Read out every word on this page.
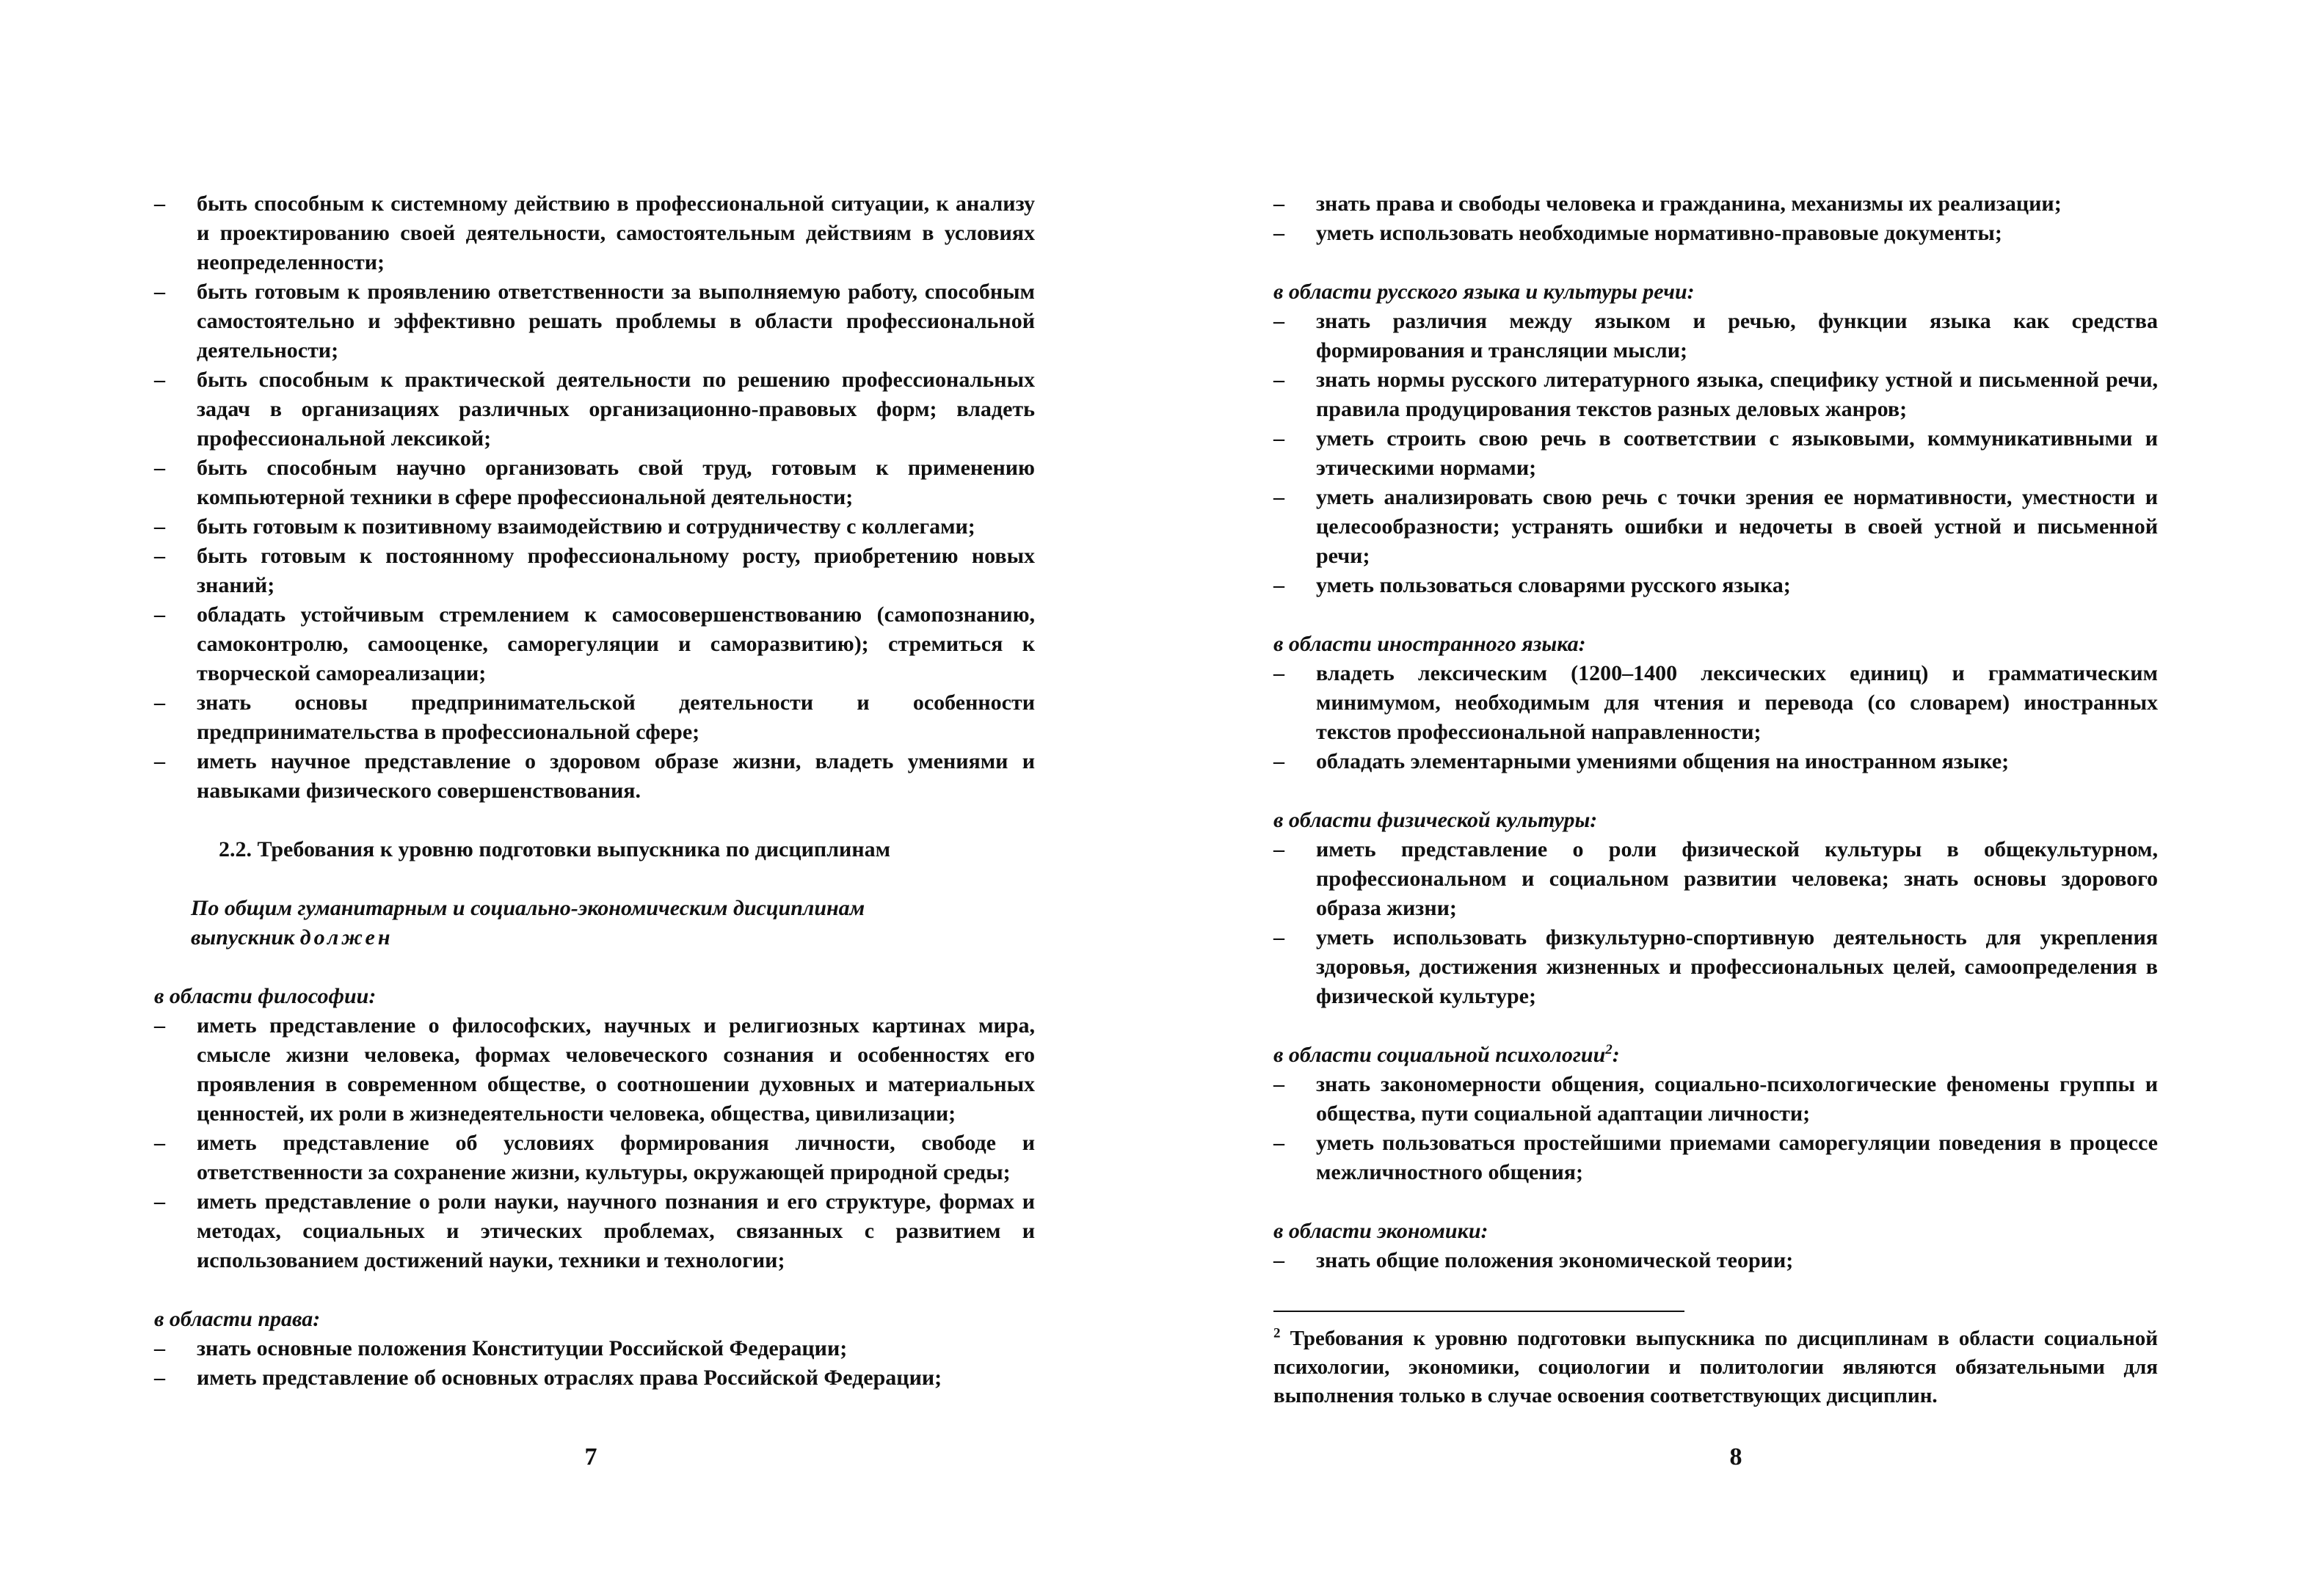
– быть способным к системному действию в профессиональной ситуации, к анализу и проектированию своей деятельности, самостоятельным действиям в условиях неопределенности;

– быть готовым к проявлению ответственности за выполняемую работу, способным самостоятельно и эффективно решать проблемы в области профессиональной деятельности;

– быть способным к практической деятельности по решению профессиональных задач в организациях различных организационно-правовых форм; владеть профессиональной лексикой;

– быть способным научно организовать свой труд, готовым к применению компьютерной техники в сфере профессиональной деятельности;

– быть готовым к позитивному взаимодействию и сотрудничеству с коллегами;

– быть готовым к постоянному профессиональному росту, приобретению новых знаний;

– обладать устойчивым стремлением к самосовершенствованию (самопознанию, самоконтролю, самооценке, саморегуляции и саморазвитию); стремиться к творческой самореализации;

– знать основы предпринимательской деятельности и особенности предпринимательства в профессиональной сфере;

– иметь научное представление о здоровом образе жизни, владеть умениями и навыками физического совершенствования.

2.2. Требования к уровню подготовки выпускника по дисциплинам

По общим гуманитарным и социально-экономическим дисциплинам

выпускник должен

в области философии:

– иметь представление о философских, научных и религиозных картинах мира, смысле жизни человека, формах человеческого сознания и особенностях его проявления в современном обществе, о соотношении духовных и материальных ценностей, их роли в жизнедеятельности человека, общества, цивилизации;

– иметь представление об условиях формирования личности, свободе и ответственности за сохранение жизни, культуры, окружающей природной среды;

– иметь представление о роли науки, научного познания и его структуре, формах и методах, социальных и этических проблемах, связанных с развитием и использованием достижений науки, техники и технологии;

в области права:

– знать основные положения Конституции Российской Федерации;

– иметь представление об основных отраслях права Российской Федерации;

7

– знать права и свободы человека и гражданина, механизмы их реализации;

– уметь использовать необходимые нормативно-правовые документы;

в области русского языка и культуры речи:

– знать различия между языком и речью, функции языка как средства формирования и трансляции мысли;

– знать нормы русского литературного языка, специфику устной и письменной речи, правила продуцирования текстов разных деловых жанров;

– уметь строить свою речь в соответствии с языковыми, коммуникативными и этическими нормами;

– уметь анализировать свою речь с точки зрения ее нормативности, уместности и целесообразности; устранять ошибки и недочеты в своей устной и письменной речи;

– уметь пользоваться словарями русского языка;

в области иностранного языка:

– владеть лексическим (1200–1400 лексических единиц) и грамматическим минимумом, необходимым для чтения и перевода (со словарем) иностранных текстов профессиональной направленности;

– обладать элементарными умениями общения на иностранном языке;

в области физической культуры:

– иметь представление о роли физической культуры в общекультурном, профессиональном и социальном развитии человека; знать основы здорового образа жизни;

– уметь использовать физкультурно-спортивную деятельность для укрепления здоровья, достижения жизненных и профессиональных целей, самоопределения в физической культуре;

в области социальной психологии$^2$:

– знать закономерности общения, социально-психологические феномены группы и общества, пути социальной адаптации личности;

– уметь пользоваться простейшими приемами саморегуляции поведения в процессе межличностного общения;

в области экономики:

– знать общие положения экономической теории;

$^2$ Требования к уровню подготовки выпускника по дисциплинам в области социальной психологии, экономики, социологии и политологии являются обязательными для выполнения только в случае освоения соответствующих дисциплин.
8
